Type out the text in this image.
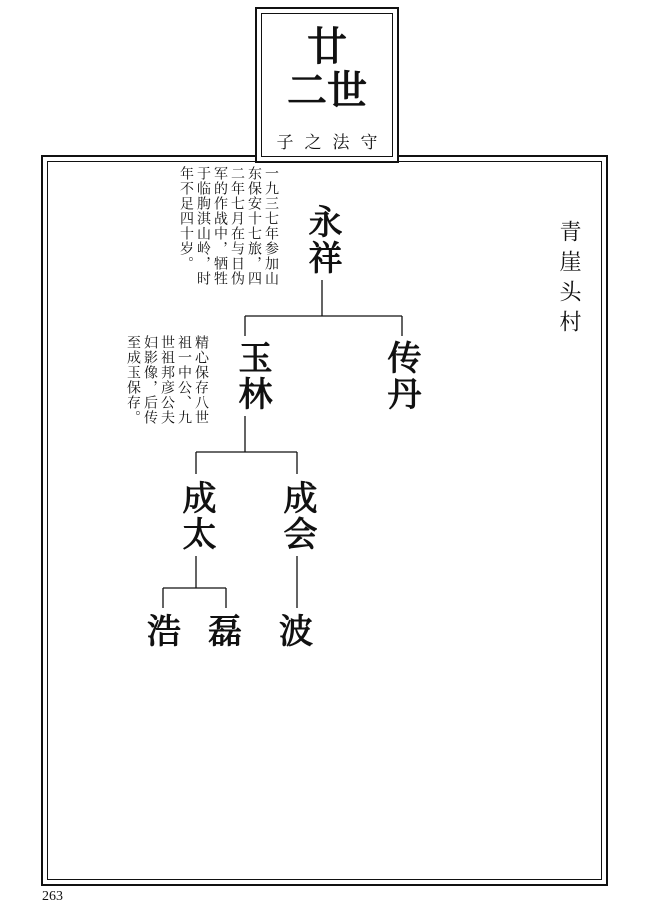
廿
二世
子之法守
青崖头村
一九三七年参加山东保安十七旅，四二年七月在与日伪军的作战中，牺牲于临朐淇山岭，时年不足四十岁。
精心保存八世祖一中公、九世祖邦彦公夫妇影像，后传至成玉保存。
永祥
传丹
玉林
成太 成会
浩 磊 波
263
